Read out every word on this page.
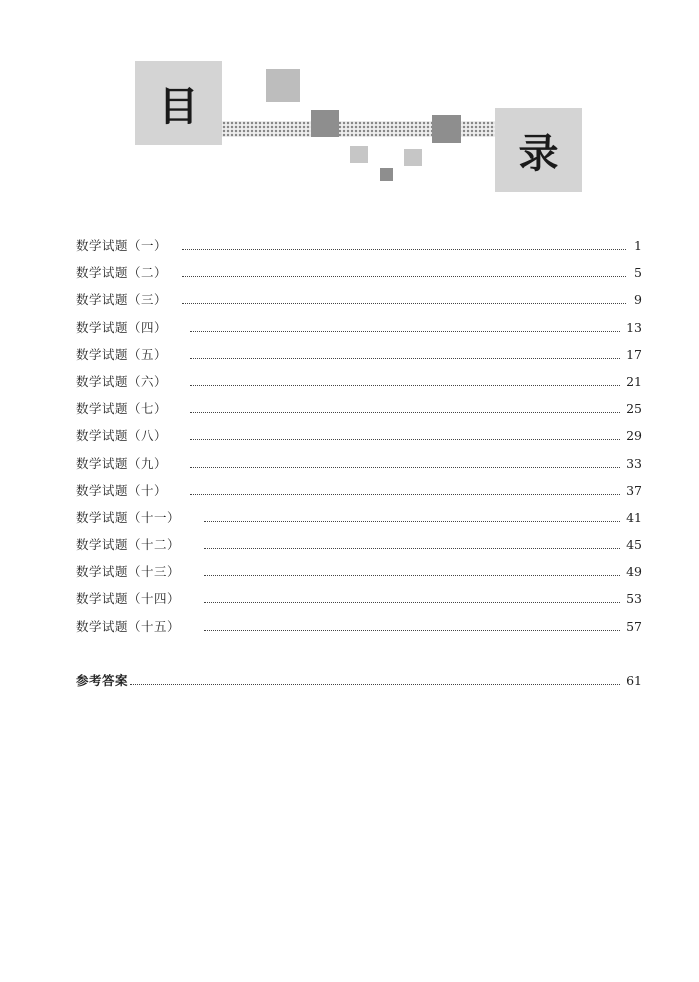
目
录
数学试题（一）	1
数学试题（二）	5
数学试题（三）	9
数学试题（四）	13
数学试题（五）	17
数学试题（六）	21
数学试题（七）	25
数学试题（八）	29
数学试题（九）	33
数学试题（十）	37
数学试题（十一）	41
数学试题（十二）	45
数学试题（十三）	49
数学试题（十四）	53
数学试题（十五）	57
参考答案	61
